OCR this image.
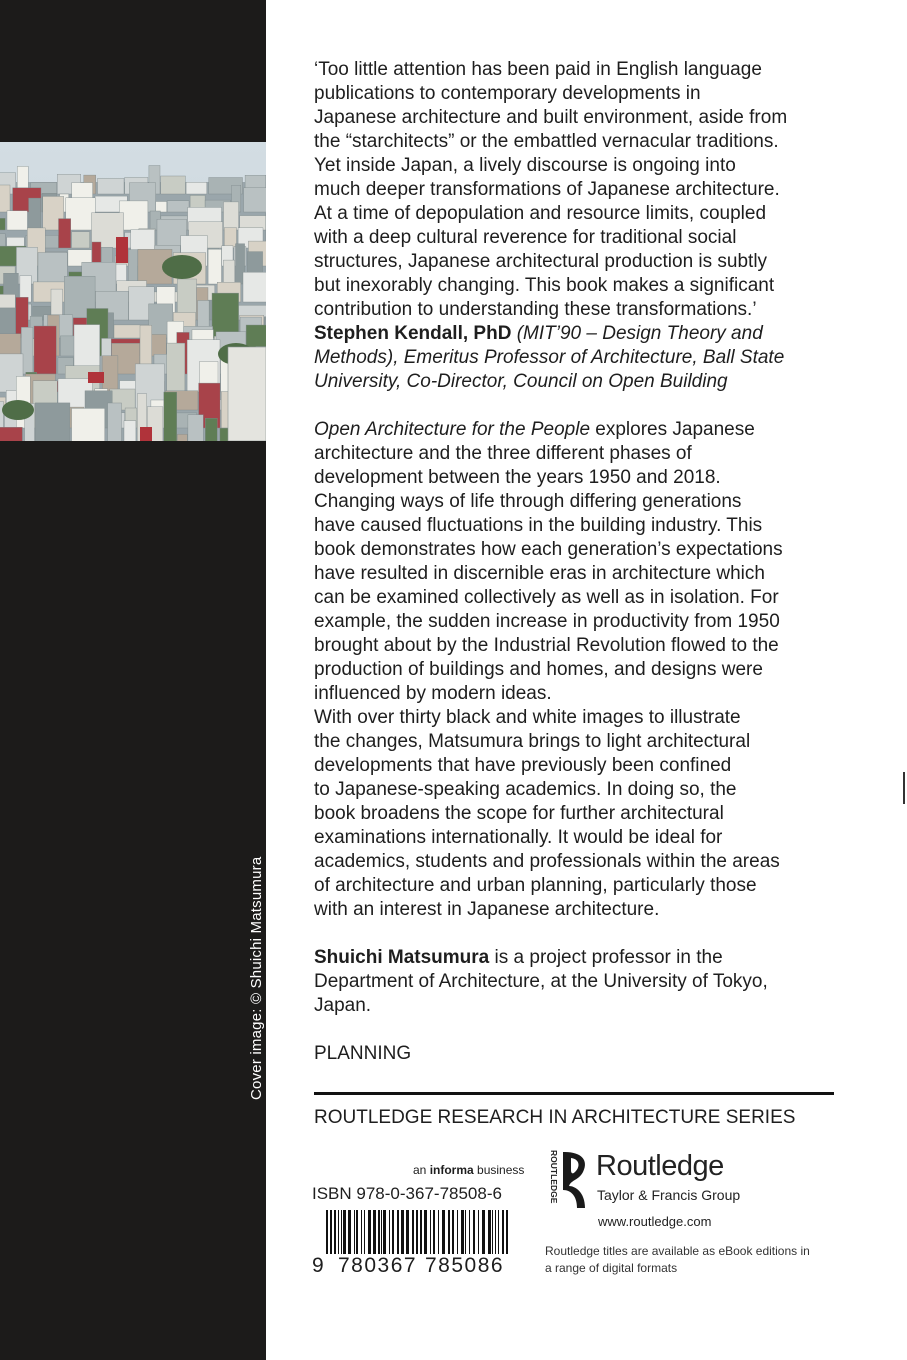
Cover image: © Shuichi Matsumura

‘Too little attention has been paid in English language

publications to contemporary developments in

Japanese architecture and built environment, aside from

the “starchitects” or the embattled vernacular traditions.

Yet inside Japan, a lively discourse is ongoing into

much deeper transformations of Japanese architecture.

At a time of depopulation and resource limits, coupled

with a deep cultural reverence for traditional social

structures, Japanese architectural production is subtly

but inexorably changing. This book makes a significant

contribution to understanding these transformations.’

Stephen Kendall, PhD (MIT’90 – Design Theory and

Methods), Emeritus Professor of Architecture, Ball State

University, Co-Director, Council on Open Building

Open Architecture for the People explores Japanese

architecture and the three different phases of

development between the years 1950 and 2018.

Changing ways of life through differing generations

have caused fluctuations in the building industry. This

book demonstrates how each generation’s expectations

have resulted in discernible eras in architecture which

can be examined collectively as well as in isolation. For

example, the sudden increase in productivity from 1950

brought about by the Industrial Revolution flowed to the

production of buildings and homes, and designs were

influenced by modern ideas.

With over thirty black and white images to illustrate

the changes, Matsumura brings to light architectural

developments that have previously been confined

to Japanese-speaking academics. In doing so, the

book broadens the scope for further architectural

examinations internationally. It would be ideal for

academics, students and professionals within the areas

of architecture and urban planning, particularly those

with an interest in Japanese architecture.

Shuichi Matsumura is a project professor in the

Department of Architecture, at the University of Tokyo,

Japan.

PLANNING

ROUTLEDGE RESEARCH IN ARCHITECTURE SERIES
an informa business
ISBN 978-0-367-78508-6
9 780367 785086
ROUTLEDGE Routledge
Taylor & Francis Group
www.routledge.com
Routledge titles are available as eBook editions in
a range of digital formats
